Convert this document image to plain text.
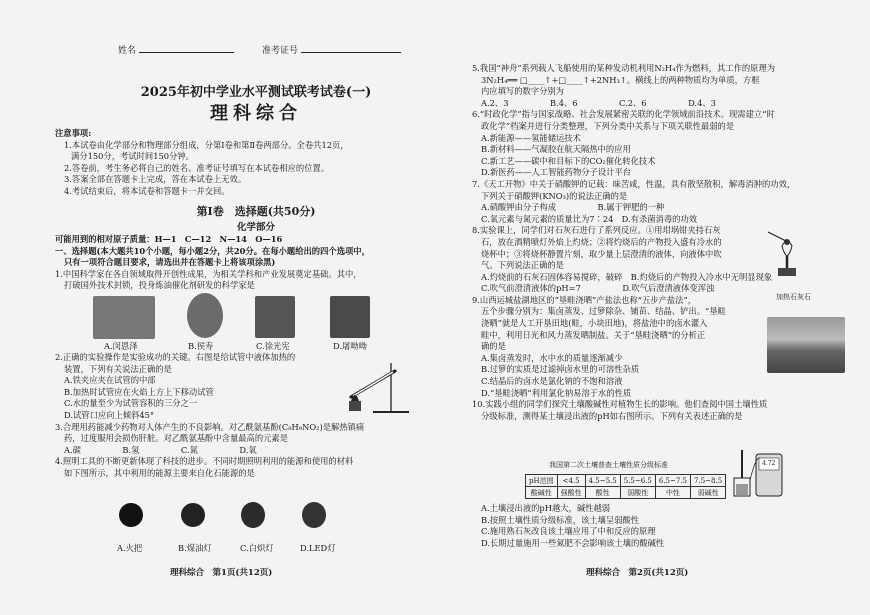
姓名	准考证号
2025年初中学业水平测试联考试卷(一)
理科综合

注意事项:

1.本试卷由化学部分和物理部分组成，分第Ⅰ卷和第Ⅱ卷两部分。全卷共12页，

满分150分，考试时间150分钟。

2.答卷前，考生务必将自己的姓名、准考证号填写在本试卷相应的位置。

3.答案全部在答题卡上完成，答在本试卷上无效。

4.考试结束后，将本试卷和答题卡一并交回。

第Ⅰ卷　选择题(共50分)
化学部分

可能用到的相对原子质量：H—1　C—12　N—14　O—16

一、选择题(本大题共10个小题，每小题2分，共20分。在每小题给出的四个选项中，

只有一项符合题目要求，请选出并在答题卡上将该项涂黑)

1.中国科学家在各自领域取得开创性成果，为相关学科和产业发展奠定基础。其中，

打破国外技术封锁，投身炼油催化剂研发的科学家是

A.闵恩泽	B.侯寿	C.徐光宪	D.屠呦呦

2.正确的实验操作是实验成功的关键。右图是给试管中液体加热的

装置，下列有关说法正确的是

A.铁夹应夹在试管的中部

B.加热时试管应在火焰上方上下移动试管

C.水的量至少为试管容积的三分之一

D.试管口应向上倾斜45°

3.合理用药能减少药物对人体产生的不良影响。对乙酰氨基酚(C₈H₉NO₂)是解热镇痛

药，过度服用会损伤肝脏。对乙酰氨基酚中含量最高的元素是

A.碳　　　　　B.氢　　　　　C.氮　　　　　D.氧

4.照明工具的不断更新体现了科技的进步。不同时期照明利用的能源和使用的材料

如下图所示，其中利用的能源主要来自化石能源的是

A.火把	B.煤油灯	C.白炽灯	D.LED灯

5.我国“神舟”系列载人飞船使用的某种发动机利用N₂H₄作为燃料，其工作的原理为

3N₂H₄══ □____↑+□____↑+2NH₃↑。横线上的两种物质均为单质，方框

内应填写的数字分别为

A.2、3　　　　　B.4、6　　　　　C.2、6　　　　　D.4、3

6.“时政化学”指与国家战略、社会发展紧密关联的化学领域前沿技术。现需建立“时

政化学”档案并进行分类整理，下列分类中关系与下项关联性最弱的是

A.新能源——氢能储运技术

B.新材料——气凝胶在航天隔热中的应用

C.新工艺——碳中和目标下的CO₂催化转化技术

D.新医药——人工智能药物分子设计平台

7.《天工开物》中关于硝酸钾的记载：味苦咸，性温，具有散坚散积，解毒消肿的功效，

下列关于硝酸钾(KNO₃)的说法正确的是

A.硝酸钾由分子构成　　　　　B.属于钾肥的一种

C.氧元素与氮元素的质量比为7∶24　D.有杀菌消毒的功效

8.实验课上，同学们对石灰石进行了系列反应。①用坩埚钳夹持石灰

石，放在酒精喷灯外焰上灼烧；②将灼烧后的产物投入盛有冷水的

烧杯中；③将烧杯静置片刻，取少量上层澄清的液体，向液体中吹

气。下列说法正确的是

A.灼烧前的石灰石固体容易搅碎，破碎　B.灼烧后的产物投入冷水中无明显现象

C.吹气前澄清液体的pH=7　　　　　D.吹气后澄清液体变浑浊

9.山西运城盐湖地区的“垦畦浇晒”产盐法也称“五步产盐法”，

五个步骤分别为：集卤蒸发、过箩除杂、铺苗、结晶、铲出。“垦畦

浇晒”就是人工开垦田地(畦，小块田地)，将盐池中的卤水灌入

畦中，利用日光和风力蒸发晒制盐。关于“垦畦浇晒”的分析正

确的是

A.集卤蒸发时，水中水的质量逐渐减少

B.过箩的实质是过滤掉卤水里的可溶性杂质

C.结晶后的卤水是氯化钠的不饱和溶液

D.“垦畦浇晒”利用氯化钠易溶于水的性质

10.实践小组的同学们探究土壤酸碱性对植物生长的影响。他们查阅中国土壤性质

分级标准，测得某土壤浸出液的pH如右图所示。下列有关表述正确的是

加热石灰石
我国第二次土壤普查土壤性质分级标准
pH范围	<4.5	4.5~5.5	5.5~6.5	6.5~7.5	7.5~8.5
酸碱性	强酸性	酸性	弱酸性	中性	弱碱性
4.72

A.土壤浸出液的pH越大，碱性越弱

B.按照土壤性质分级标准，该土壤呈弱酸性

C.施用熟石灰改良该土壤应用了中和反应的原理

D.长期过量施用一些氮肥不会影响该土壤的酸碱性

理科综合　第1页(共12页)	理科综合　第2页(共12页)
